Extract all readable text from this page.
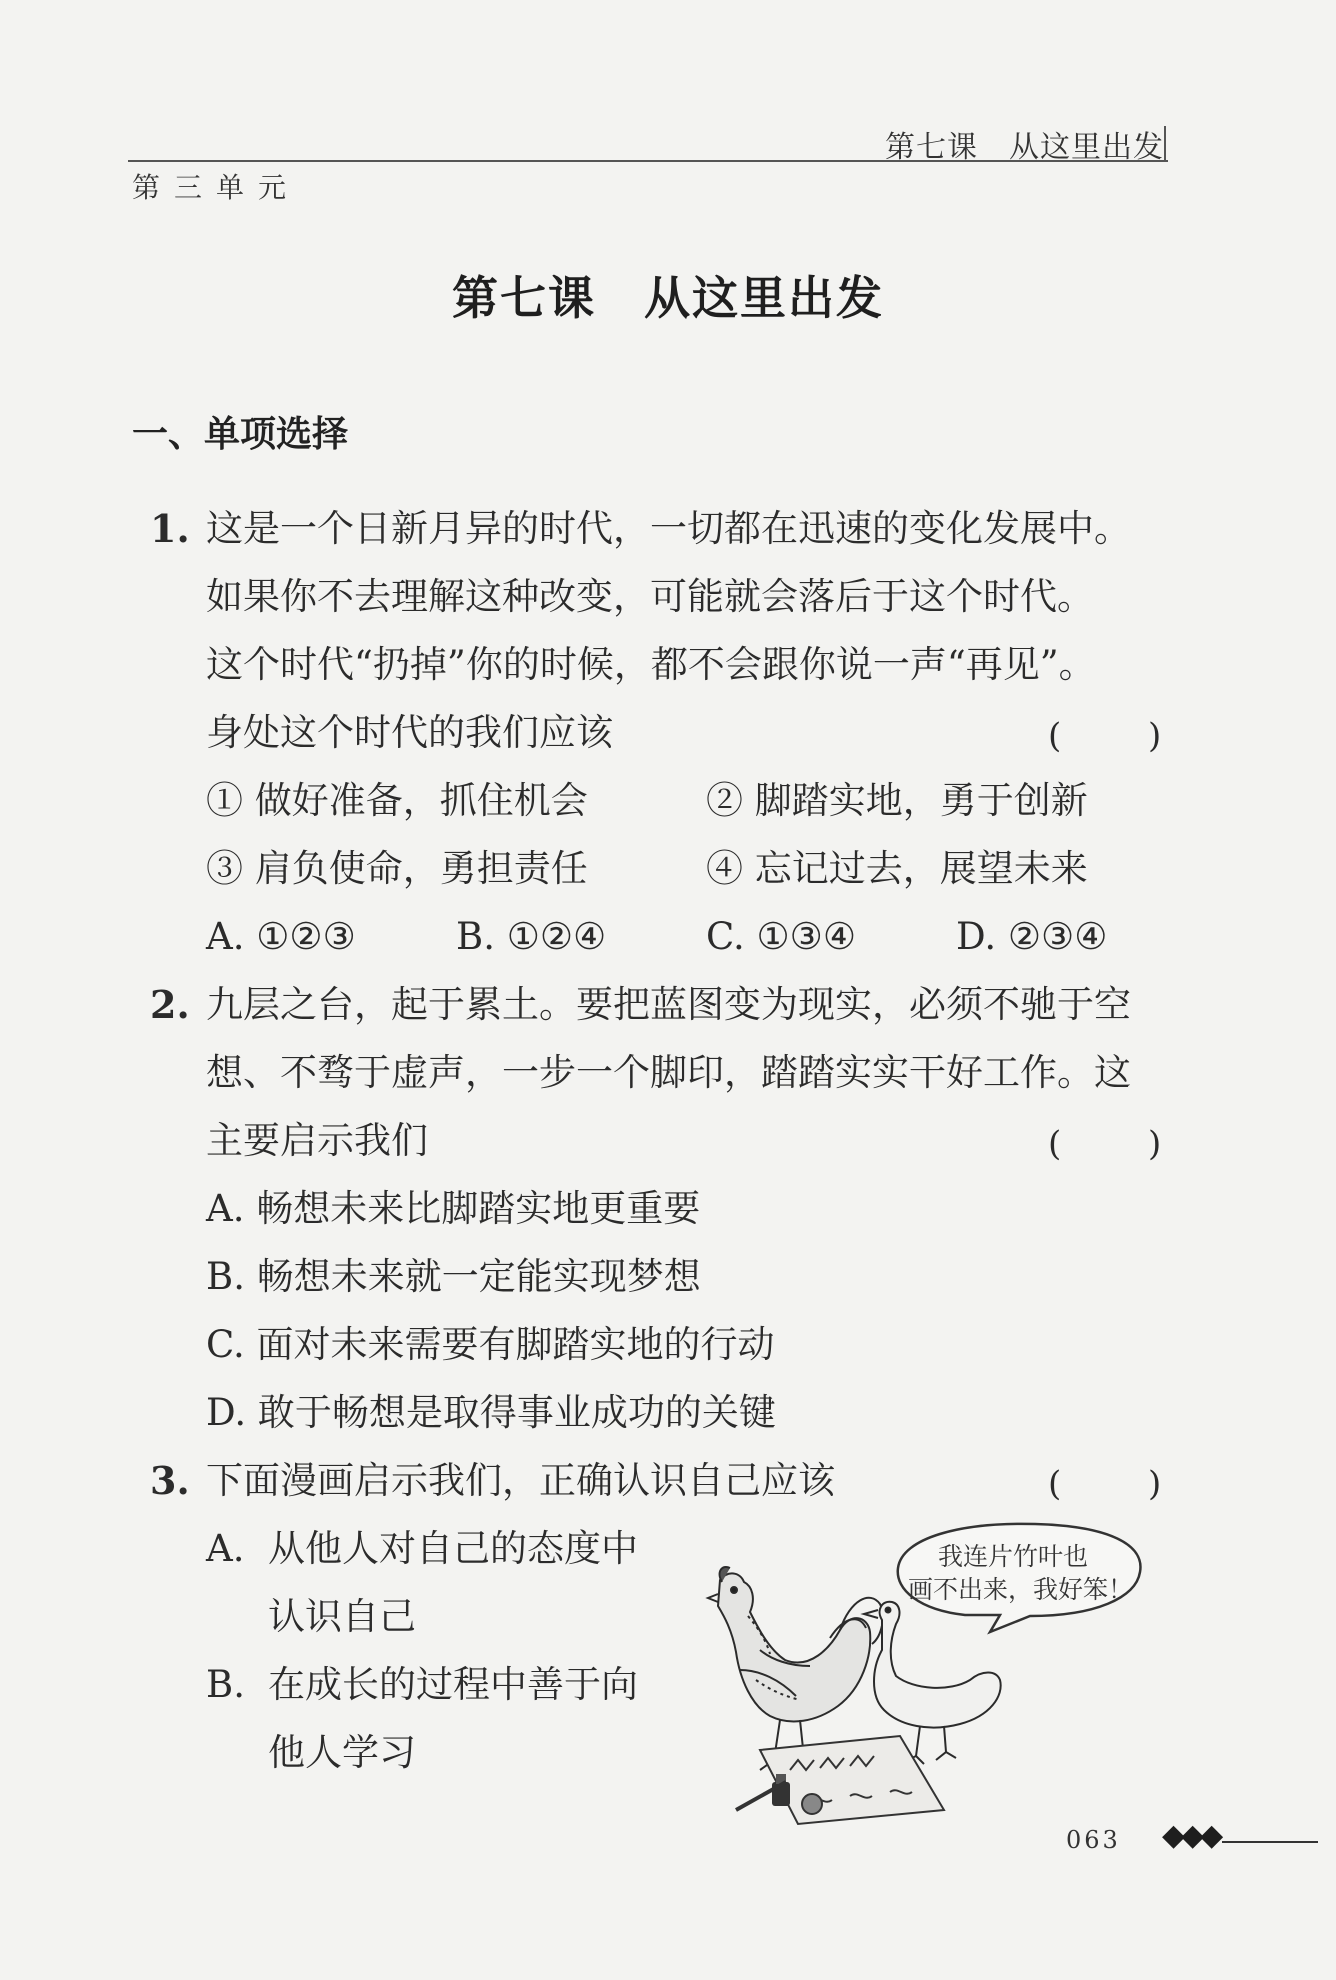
第七课　从这里出发
第三单元
第七课　从这里出发
一、单项选择
1. 这是一个日新月异的时代，一切都在迅速的变化发展中。
如果你不去理解这种改变，可能就会落后于这个时代。
这个时代“扔掉”你的时候，都不会跟你说一声“再见”。
身处这个时代的我们应该	(	)
① 做好准备，抓住机会	② 脚踏实地，勇于创新
③ 肩负使命，勇担责任	④ 忘记过去，展望未来
A. ①②③	B. ①②④	C. ①③④	D. ②③④
2. 九层之台，起于累土。要把蓝图变为现实，必须不驰于空
想、不骛于虚声，一步一个脚印，踏踏实实干好工作。这
主要启示我们	(	)
A. 畅想未来比脚踏实地更重要
B. 畅想未来就一定能实现梦想
C. 面对未来需要有脚踏实地的行动
D. 敢于畅想是取得事业成功的关键
3. 下面漫画启示我们，正确认识自己应该	(	)
A. 从他人对自己的态度中
认识自己
B. 在成长的过程中善于向
他人学习
我连片竹叶也
画不出来，我好笨！
063 ◆◆◆
